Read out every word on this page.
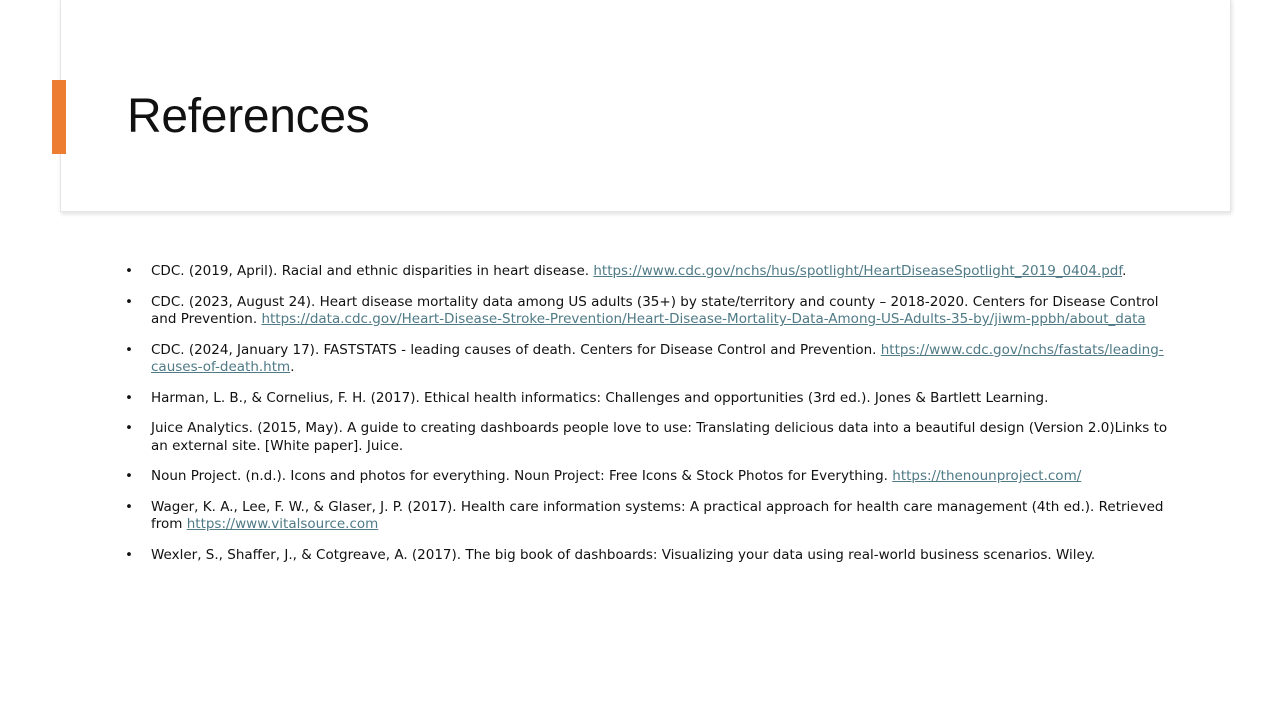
References
• CDC. (2019, April). Racial and ethnic disparities in heart disease. https://www.cdc.gov/nchs/hus/spotlight/HeartDiseaseSpotlight_2019_0404.pdf.
• CDC. (2023, August 24). Heart disease mortality data among US adults (35+) by state/territory and county – 2018-2020. Centers for Disease Control and Prevention. https://data.cdc.gov/Heart-Disease-Stroke-Prevention/Heart-Disease-Mortality-Data-Among-US-Adults-35-by/jiwm-ppbh/about_data
• CDC. (2024, January 17). FASTSTATS - leading causes of death. Centers for Disease Control and Prevention. https://www.cdc.gov/nchs/fastats/leading-causes-of-death.htm.
• Harman, L. B., & Cornelius, F. H. (2017). Ethical health informatics: Challenges and opportunities (3rd ed.). Jones & Bartlett Learning.
• Juice Analytics. (2015, May). A guide to creating dashboards people love to use: Translating delicious data into a beautiful design (Version 2.0)Links to an external site. [White paper]. Juice.
• Noun Project. (n.d.). Icons and photos for everything. Noun Project: Free Icons & Stock Photos for Everything. https://thenounproject.com/
• Wager, K. A., Lee, F. W., & Glaser, J. P. (2017). Health care information systems: A practical approach for health care management (4th ed.). Retrieved from https://www.vitalsource.com
• Wexler, S., Shaffer, J., & Cotgreave, A. (2017). The big book of dashboards: Visualizing your data using real-world business scenarios. Wiley.
